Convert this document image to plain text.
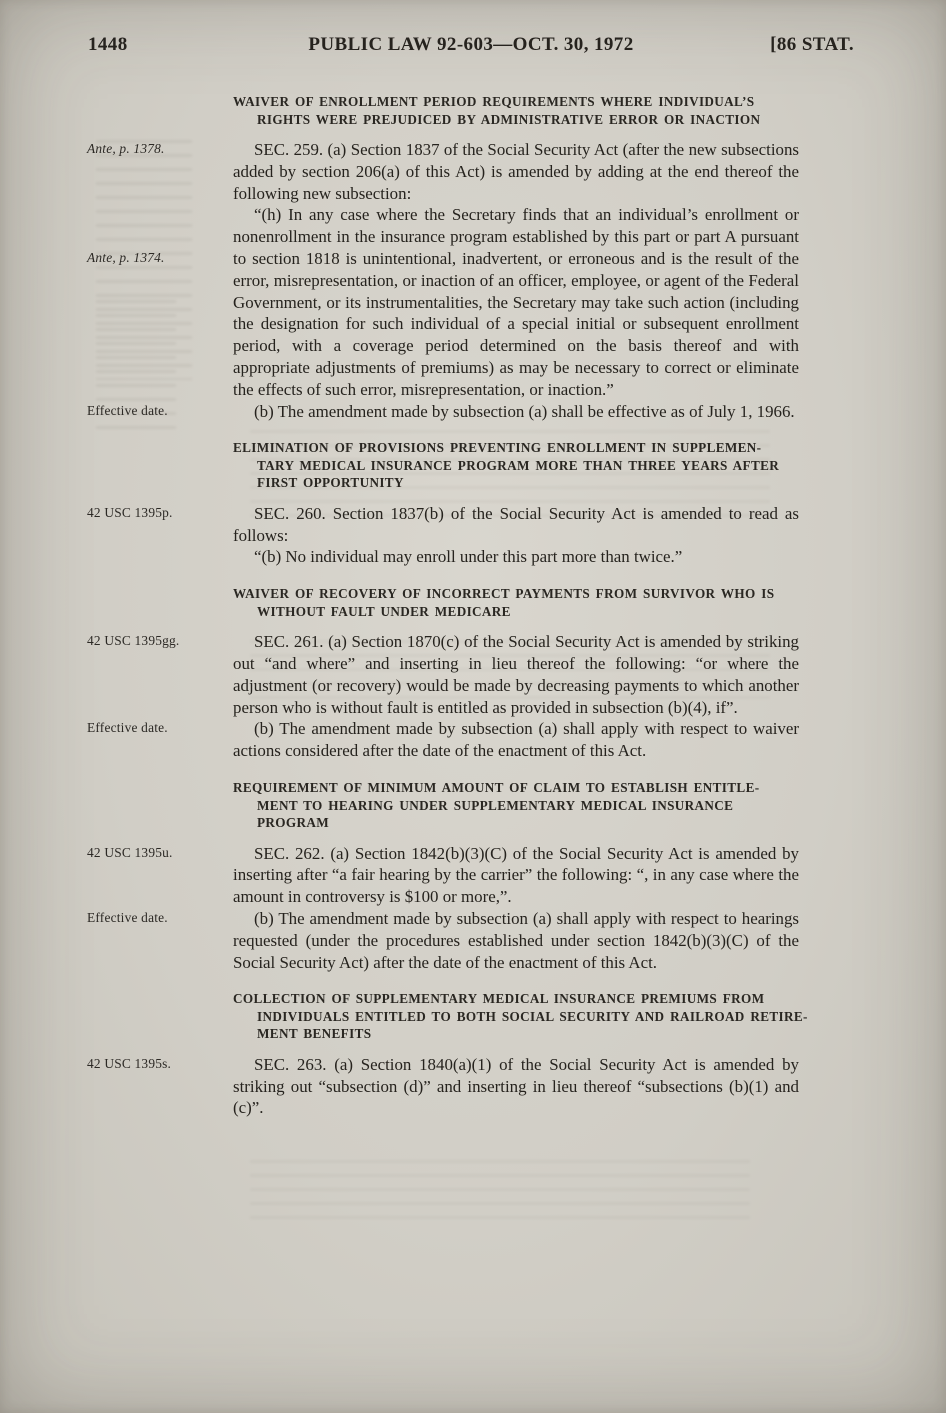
1448	PUBLIC LAW 92-603—OCT. 30, 1972	[86 STAT.
WAIVER OF ENROLLMENT PERIOD REQUIREMENTS WHERE INDIVIDUAL’S
RIGHTS WERE PREJUDICED BY ADMINISTRATIVE ERROR OR INACTION
SEC. 259. (a) Section 1837 of the Social Security Act (after the new subsections added by section 206(a) of this Act) is amended by adding at the end thereof the following new subsection:
Ante, p. 1378.
“(h) In any case where the Secretary finds that an individual’s enrollment or nonenrollment in the insurance program established by this part or part A pursuant to section 1818 is unintentional, inadvertent, or erroneous and is the result of the error, misrepresentation, or inaction of an officer, employee, or agent of the Federal Government, or its instrumentalities, the Secretary may take such action (including the designation for such individual of a special initial or subsequent enrollment period, with a coverage period determined on the basis thereof and with appropriate adjustments of premiums) as may be necessary to correct or eliminate the effects of such error, misrepresentation, or inaction.”
Ante, p. 1374.
(b) The amendment made by subsection (a) shall be effective as of July 1, 1966.
Effective date.
ELIMINATION OF PROVISIONS PREVENTING ENROLLMENT IN SUPPLEMEN-
TARY MEDICAL INSURANCE PROGRAM MORE THAN THREE YEARS AFTER
FIRST OPPORTUNITY
SEC. 260. Section 1837(b) of the Social Security Act is amended to read as follows:
42 USC 1395p.
“(b) No individual may enroll under this part more than twice.”
WAIVER OF RECOVERY OF INCORRECT PAYMENTS FROM SURVIVOR WHO IS
WITHOUT FAULT UNDER MEDICARE
SEC. 261. (a) Section 1870(c) of the Social Security Act is amended by striking out “and where” and inserting in lieu thereof the following: “or where the adjustment (or recovery) would be made by decreasing payments to which another person who is without fault is entitled as provided in subsection (b)(4), if”.
42 USC 1395gg.
(b) The amendment made by subsection (a) shall apply with respect to waiver actions considered after the date of the enactment of this Act.
Effective date.
REQUIREMENT OF MINIMUM AMOUNT OF CLAIM TO ESTABLISH ENTITLE-
MENT TO HEARING UNDER SUPPLEMENTARY MEDICAL INSURANCE
PROGRAM
SEC. 262. (a) Section 1842(b)(3)(C) of the Social Security Act is amended by inserting after “a fair hearing by the carrier” the following: “, in any case where the amount in controversy is $100 or more,”.
42 USC 1395u.
(b) The amendment made by subsection (a) shall apply with respect to hearings requested (under the procedures established under section 1842(b)(3)(C) of the Social Security Act) after the date of the enactment of this Act.
Effective date.
COLLECTION OF SUPPLEMENTARY MEDICAL INSURANCE PREMIUMS FROM
INDIVIDUALS ENTITLED TO BOTH SOCIAL SECURITY AND RAILROAD RETIRE-
MENT BENEFITS
SEC. 263. (a) Section 1840(a)(1) of the Social Security Act is amended by striking out “subsection (d)” and inserting in lieu thereof “subsections (b)(1) and (c)”.
42 USC 1395s.
